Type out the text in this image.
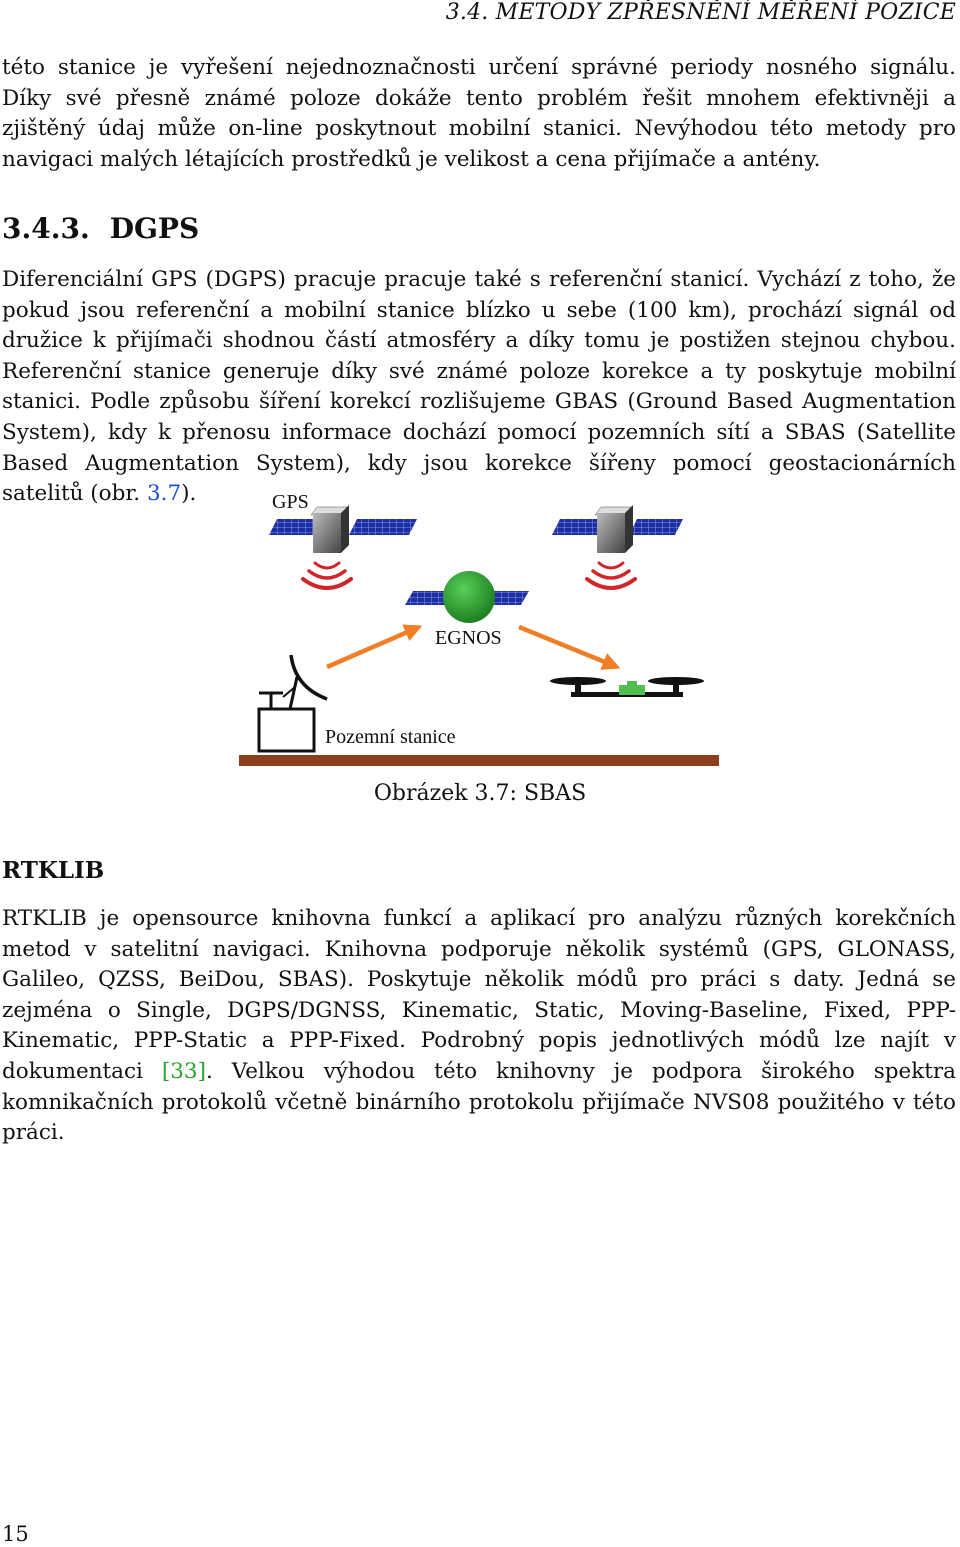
3.4. METODY ZPŘESNĚNÍ MĚŘENÍ POZICE

této stanice je vyřešení nejednoznačnosti určení správné periody nosného signálu. Díky své přesně známé poloze dokáže tento problém řešit mnohem efektivněji a zjištěný údaj může on-line poskytnout mobilní stanici. Nevýhodou této metody pro navigaci malých létajících prostředků je velikost a cena přijímače a antény.

3.4.3. DGPS

Diferenciální GPS (DGPS) pracuje pracuje také s referenční stanicí. Vychází z toho, že pokud jsou referenční a mobilní stanice blízko u sebe (100 km), prochází signál od družice k přijímači shodnou částí atmosféry a díky tomu je postižen stejnou chybou. Referenční stanice generuje díky své známé poloze korekce a ty poskytuje mobilní stanici. Podle způsobu šíření korekcí rozlišujeme GBAS (Ground Based Augmentation System), kdy k přenosu informace dochází pomocí pozemních sítí a SBAS (Satellite Based Augmentation System), kdy jsou korekce šířeny pomocí geostacionárních satelitů (obr. 3.7).	GPS
EGNOS
Pozemní stanice
Obrázek 3.7: SBAS
RTKLIB

RTKLIB je opensource knihovna funkcí a aplikací pro analýzu různých korekčních metod v satelitní navigaci. Knihovna podporuje několik systémů (GPS, GLONASS, Galileo, QZSS, BeiDou, SBAS). Poskytuje několik módů pro práci s daty. Jedná se zejména o Single, DGPS/DGNSS, Kinematic, Static, Moving-Baseline, Fixed, PPP-Kinematic, PPP-Static a PPP-Fixed. Podrobný popis jednotlivých módů lze najít v dokumentaci [33]. Velkou výhodou této knihovny je podpora širokého spektra komnikačních protokolů včetně binárního protokolu přijímače NVS08 použitého v této práci.

15
